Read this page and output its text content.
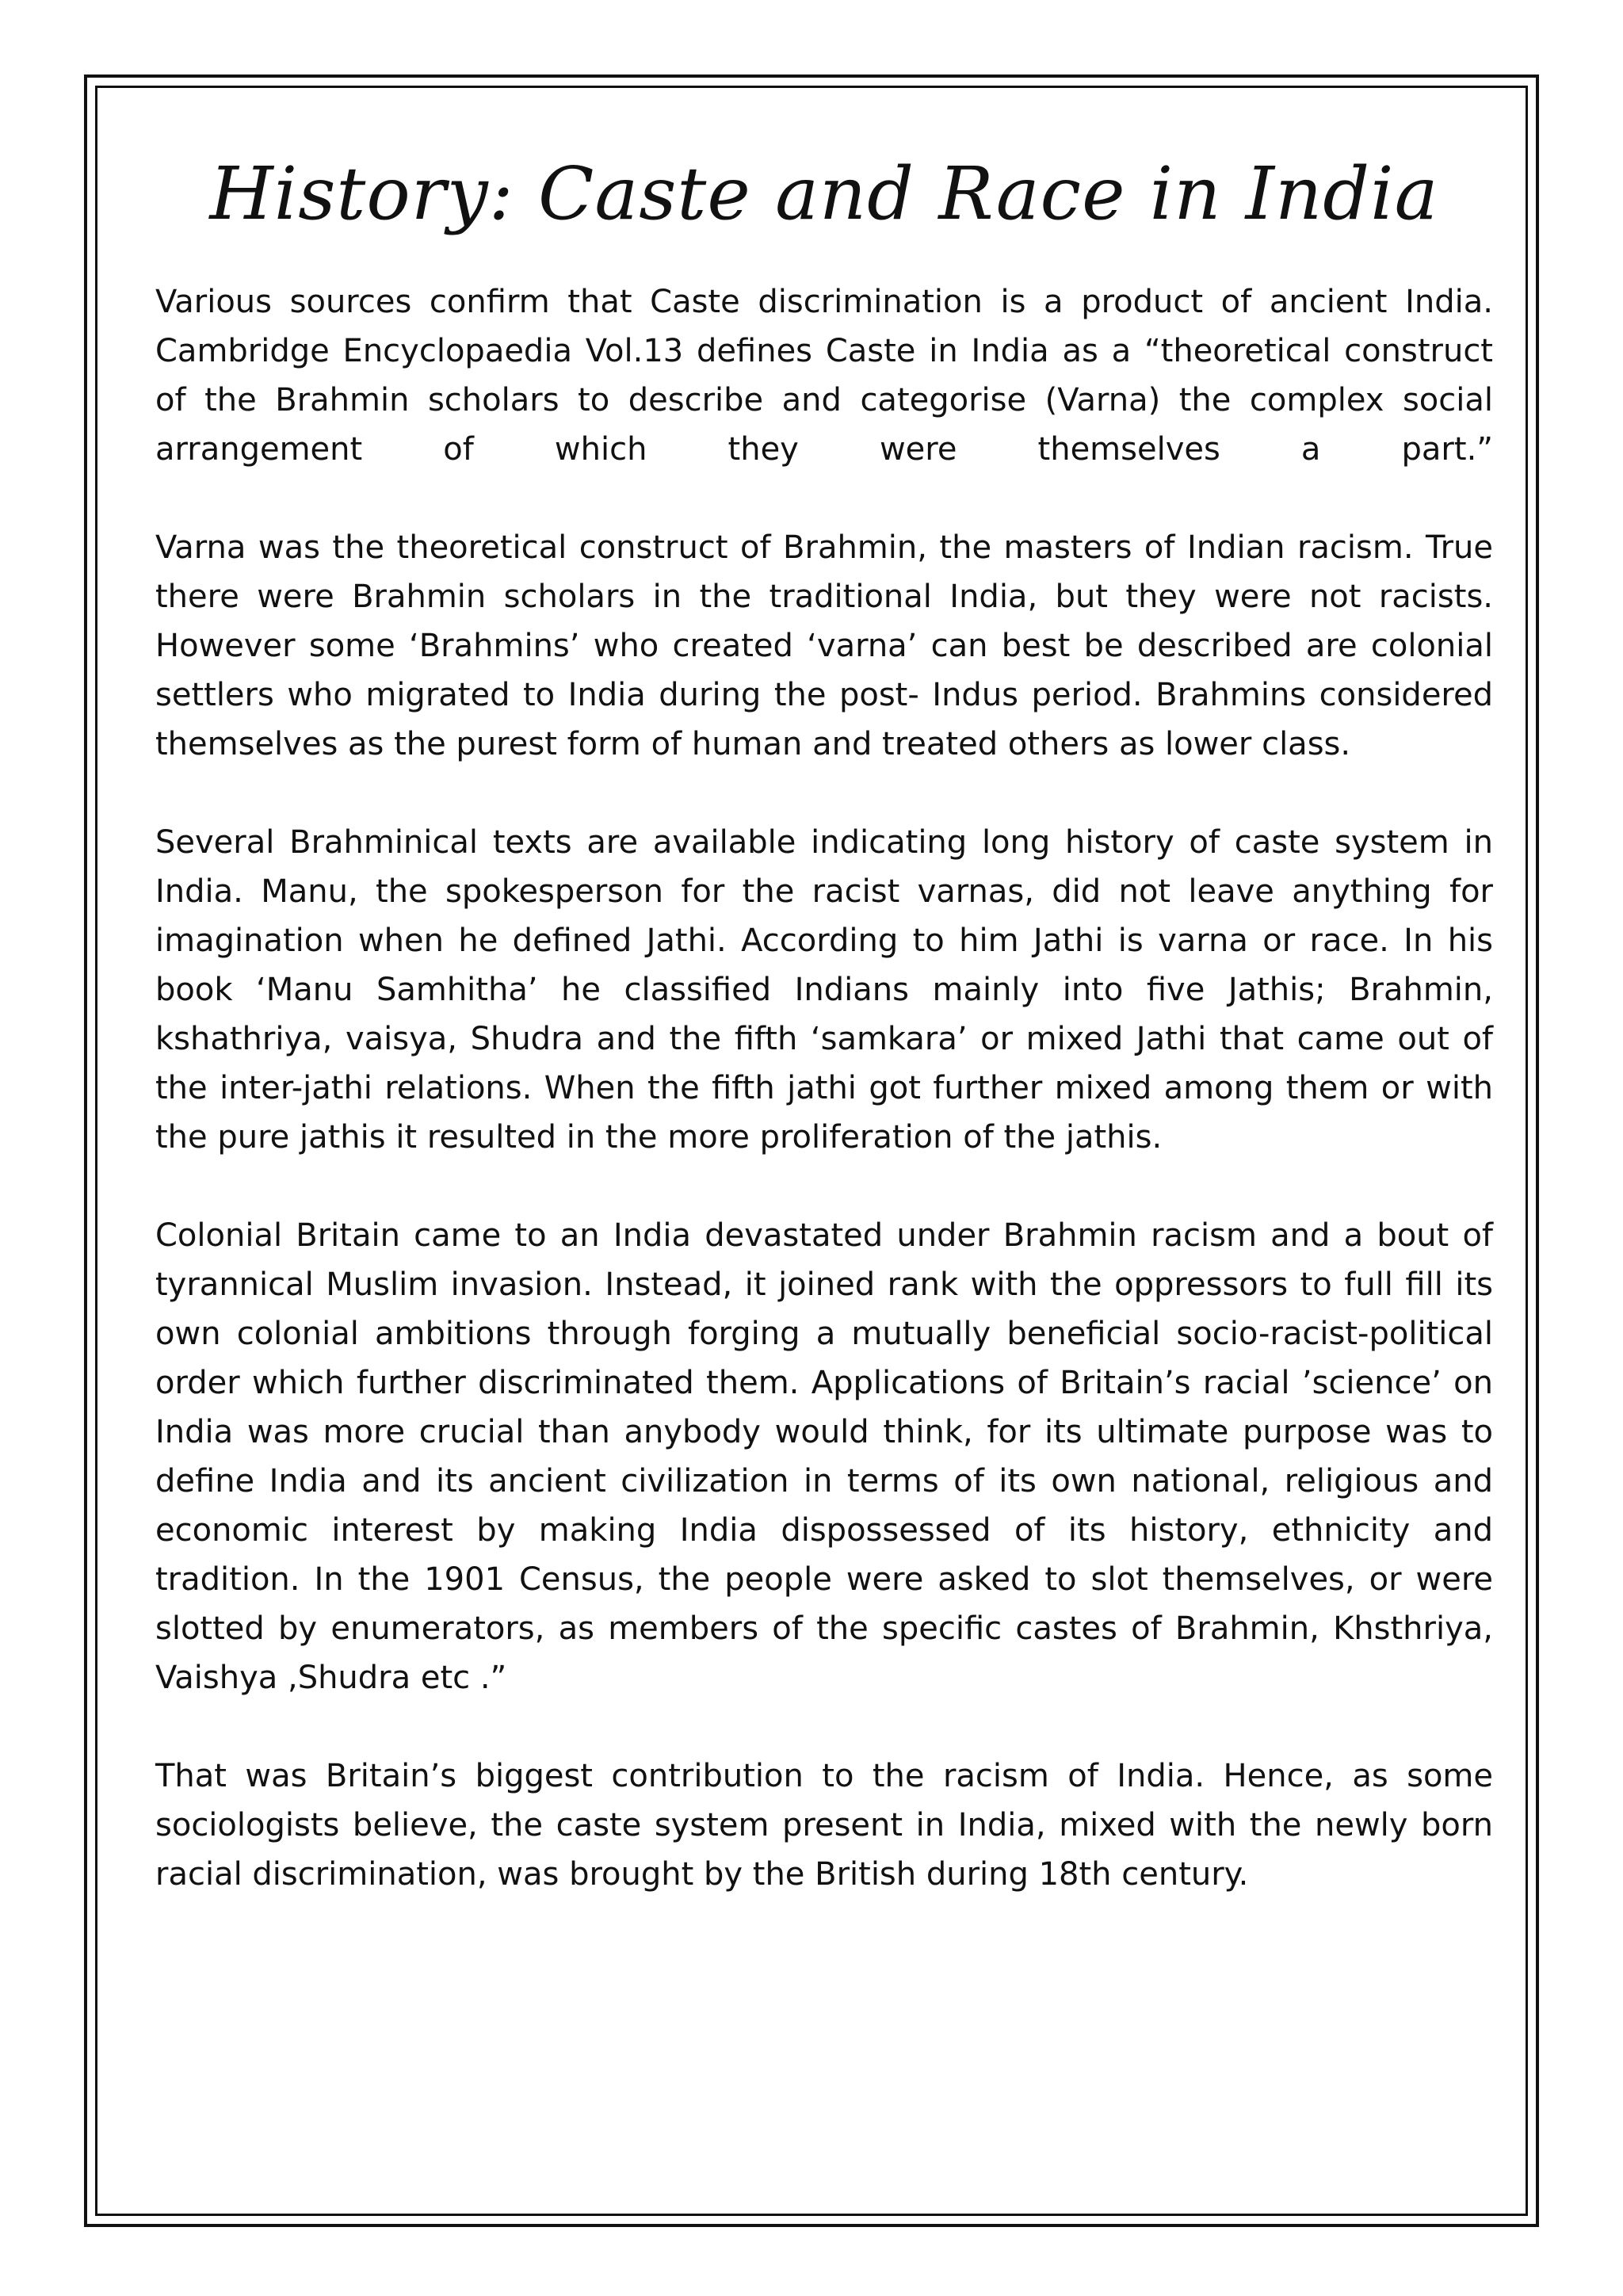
History: Caste and Race in India

Various sources confirm that Caste discrimination is a product of ancient India. Cambridge Encyclopaedia Vol.13 defines Caste in India as a “theoretical construct of the Brahmin scholars to describe and categorise (Varna) the complex social arrangement of which they were themselves a part.”

Varna was the theoretical construct of Brahmin, the masters of Indian racism. True there were Brahmin scholars in the traditional India, but they were not racists. However some ‘Brahmins’ who created ‘varna’ can best be described are colonial settlers who migrated to India during the post- Indus period. Brahmins considered themselves as the purest form of human and treated others as lower class.

Several Brahminical texts are available indicating long history of caste system in India. Manu, the spokesperson for the racist varnas, did not leave anything for imagination when he defined Jathi. According to him Jathi is varna or race. In his book ‘Manu Samhitha’ he classified Indians mainly into five Jathis; Brahmin, kshathriya, vaisya, Shudra and the fifth ‘samkara’ or mixed Jathi that came out of the inter-jathi relations. When the fifth jathi got further mixed among them or with the pure jathis it resulted in the more proliferation of the jathis.

Colonial Britain came to an India devastated under Brahmin racism and a bout of tyrannical Muslim invasion. Instead, it joined rank with the oppressors to full fill its own colonial ambitions through forging a mutually beneficial socio-racist-political order which further discriminated them. Applications of Britain’s racial ’science’ on India was more crucial than anybody would think, for its ultimate purpose was to define India and its ancient civilization in terms of its own national, religious and economic interest by making India dispossessed of its history, ethnicity and tradition. In the 1901 Census, the people were asked to slot themselves, or were slotted by enumerators, as members of the specific castes of Brahmin, Khsthriya, Vaishya ,Shudra etc .”

That was Britain’s biggest contribution to the racism of India. Hence, as some sociologists believe, the caste system present in India, mixed with the newly born racial discrimination, was brought by the British during 18th century.
